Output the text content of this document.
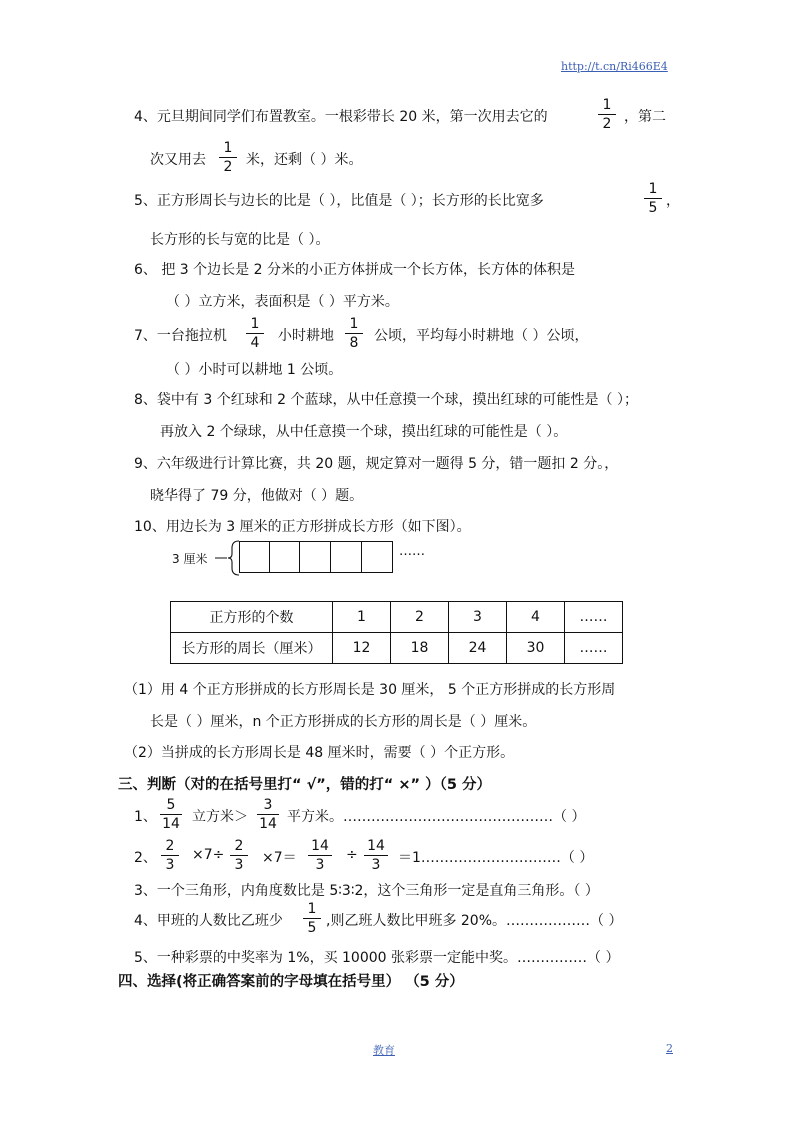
http://t.cn/Ri466E4
4、元旦期间同学们布置教室。一根彩带长 20 米，第一次用去它的
1
2 ，第二
次又用去
1
2 米，还剩（ ）米。
5、正方形周长与边长的比是（ ），比值是（ ）；长方形的长比宽多
1
5 ，
长方形的长与宽的比是（ ）。
6、 把 3 个边长是 2 分米的小正方体拼成一个长方体，长方体的体积是
（ ）立方米，表面积是（ ）平方米。
7、一台拖拉机
1
4	小时耕地
1
8	公顷，平均每小时耕地（ ）公顷，
（ ）小时可以耕地 1 公顷。
8、袋中有 3 个红球和 2 个蓝球，从中任意摸一个球，摸出红球的可能性是（ ）；
再放入 2 个绿球，从中任意摸一个球，摸出红球的可能性是（ ）。
9、六年级进行计算比赛，共 20 题，规定算对一题得 5 分，错一题扣 2 分。，
晓华得了 79 分，他做对（ ）题。
10、用边长为 3 厘米的正方形拼成长方形（如下图）。
3 厘米	……
正方形的个数	1	2	3	4	……
长方形的周长（厘米）	12	18	24	30	……
（1）用 4 个正方形拼成的长方形周长是 30 厘米， 5 个正方形拼成的长方形周
长是（ ）厘米，n 个正方形拼成的长方形的周长是（ ）厘米。
（2）当拼成的长方形周长是 48 厘米时，需要（ ）个正方形。
三、判断（对的在括号里打“ √”，错的打“ ×” ）（5 分）
1、
5
14 立方米＞
3
14 平方米。………………………………………（ ）
2、
2
3
×7÷
2
3	×7＝
14
3
÷
14
3	＝1…………………………（ ）
3、一个三角形，内角度数比是 5∶3∶2，这个三角形一定是直角三角形。（ ）
4、甲班的人数比乙班少
1
5 ,则乙班人数比甲班多 20%。………………（ ）
5、一种彩票的中奖率为 1%，买 10000 张彩票一定能中奖。……………（ ）
四、选择(将正确答案前的字母填在括号里） （5 分）
教育	2
